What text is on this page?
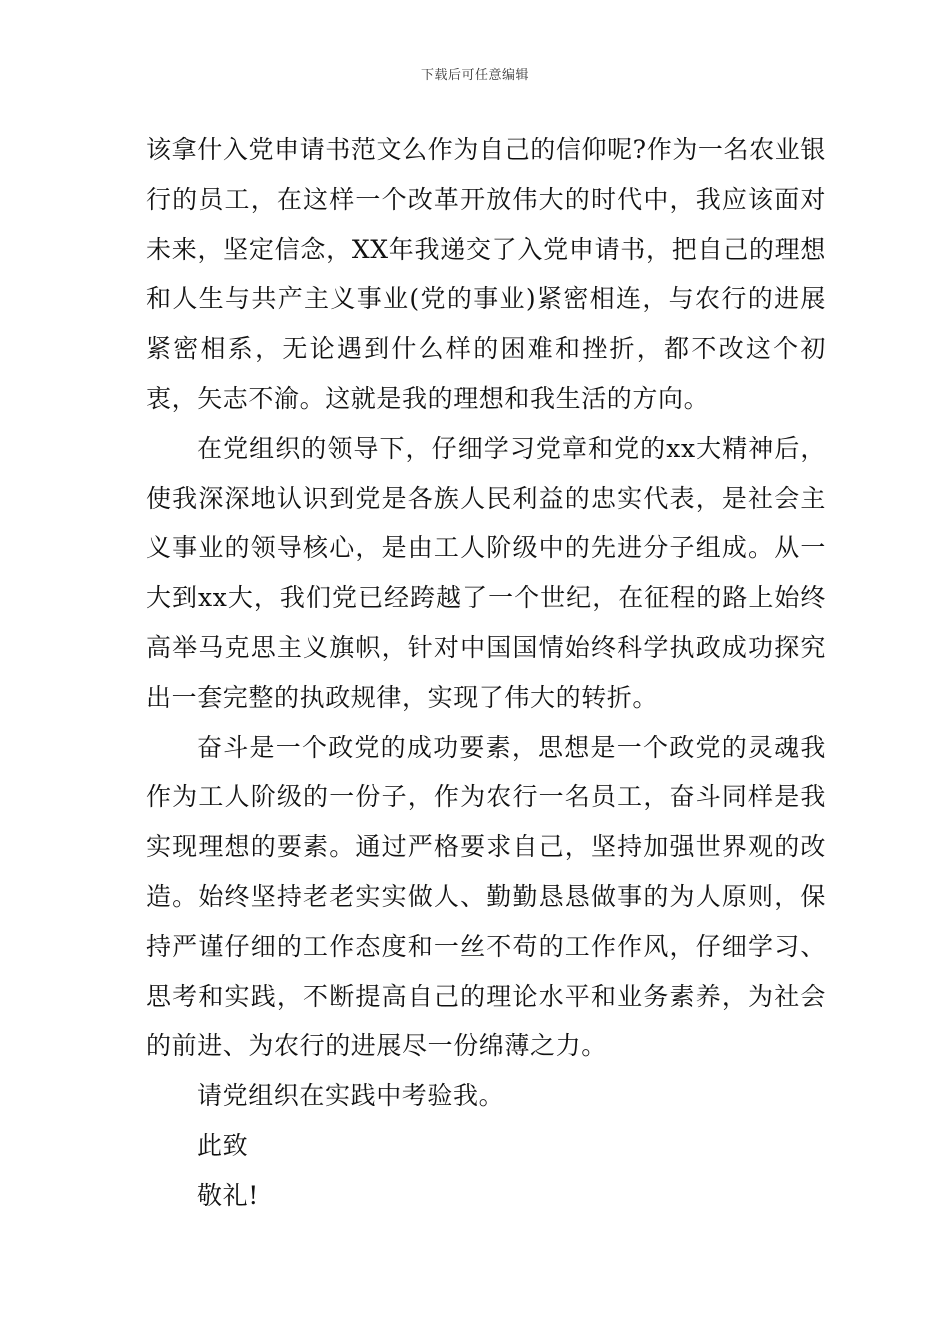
下载后可任意编辑

该拿什入党申请书范文么作为自己的信仰呢?作为一名农业银行的员工，在这样一个改革开放伟大的时代中，我应该面对未来，坚定信念，XX年我递交了入党申请书，把自己的理想和人生与共产主义事业(党的事业)紧密相连，与农行的进展紧密相系，无论遇到什么样的困难和挫折，都不改这个初衷，矢志不渝。这就是我的理想和我生活的方向。

在党组织的领导下，仔细学习党章和党的xx大精神后，使我深深地认识到党是各族人民利益的忠实代表，是社会主义事业的领导核心，是由工人阶级中的先进分子组成。从一大到xx大，我们党已经跨越了一个世纪，在征程的路上始终高举马克思主义旗帜，针对中国国情始终科学执政成功探究出一套完整的执政规律，实现了伟大的转折。

奋斗是一个政党的成功要素，思想是一个政党的灵魂我作为工人阶级的一份子，作为农行一名员工，奋斗同样是我实现理想的要素。通过严格要求自己，坚持加强世界观的改造。始终坚持老老实实做人、勤勤恳恳做事的为人原则，保持严谨仔细的工作态度和一丝不苟的工作作风，仔细学习、思考和实践，不断提高自己的理论水平和业务素养，为社会的前进、为农行的进展尽一份绵薄之力。

请党组织在实践中考验我。

此致

敬礼!
